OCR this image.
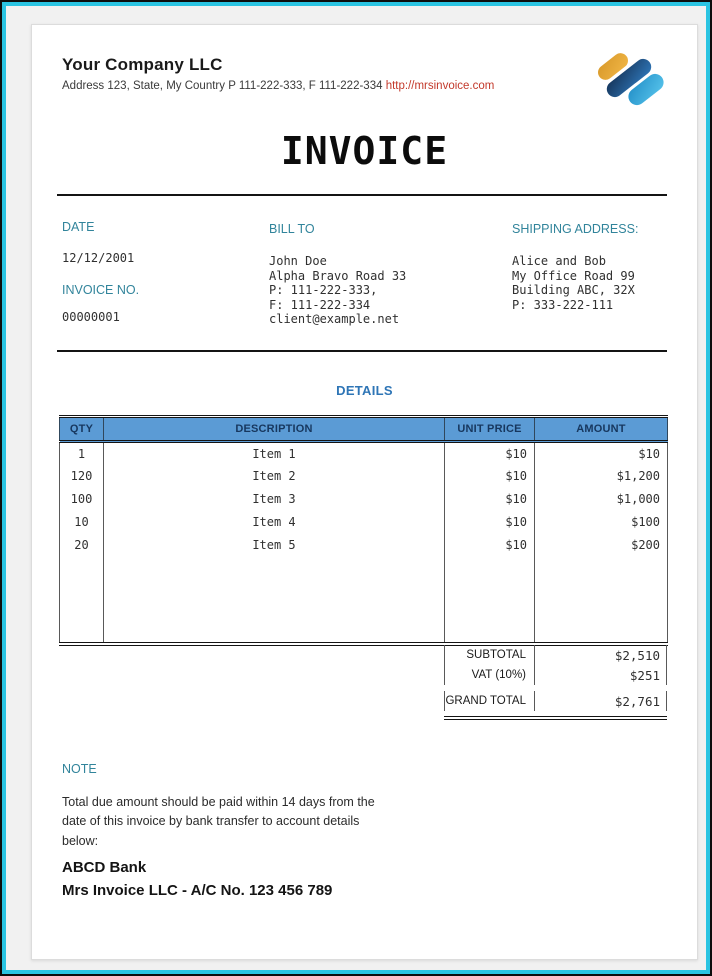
Your Company LLC
Address 123, State, My Country P 111-222-333, F 111-222-334 http://mrsinvoice.com
INVOICE
DATE
12/12/2001
INVOICE NO.
00000001
BILL TO
John Doe
Alpha Bravo Road 33
P: 111-222-333,
F: 111-222-334
client@example.net
SHIPPING ADDRESS:
Alice and Bob
My Office Road 99
Building ABC, 32X
P: 333-222-111
DETAILS
QTY	DESCRIPTION	UNIT PRICE	AMOUNT
1	Item 1	$10	$10
120	Item 2	$10	$1,200
100	Item 3	$10	$1,000
10	Item 4	$10	$100
20	Item 5	$10	$200

SUBTOTAL	$2,510
VAT (10%)	$251
GRAND TOTAL	$2,761
NOTE
Total due amount should be paid within 14 days from the date of this invoice by bank transfer to account details below:
ABCD Bank
Mrs Invoice LLC - A/C No. 123 456 789
